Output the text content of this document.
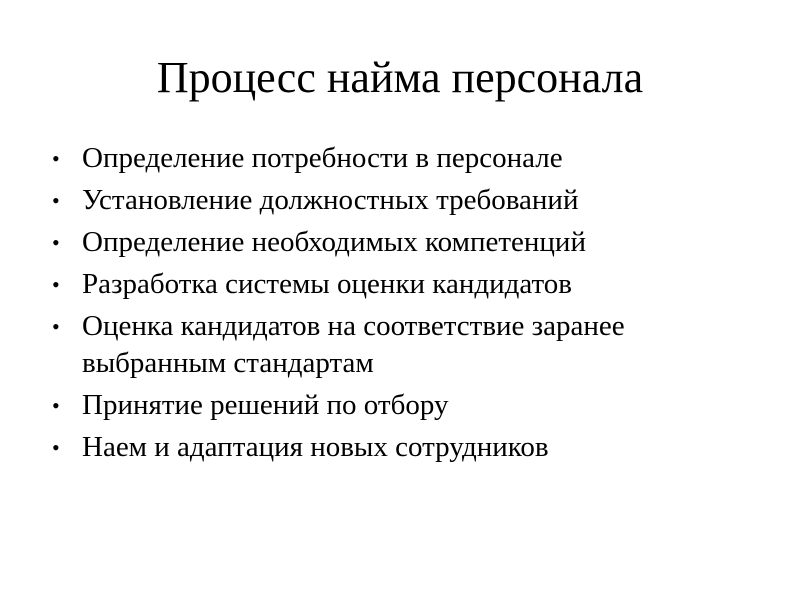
Процесс найма персонала
• Определение потребности в персонале
• Установление должностных требований
• Определение необходимых компетенций
• Разработка системы оценки кандидатов
• Оценка кандидатов на соответствие заранее выбранным стандартам
• Принятие решений по отбору
• Наем и адаптация новых сотрудников
